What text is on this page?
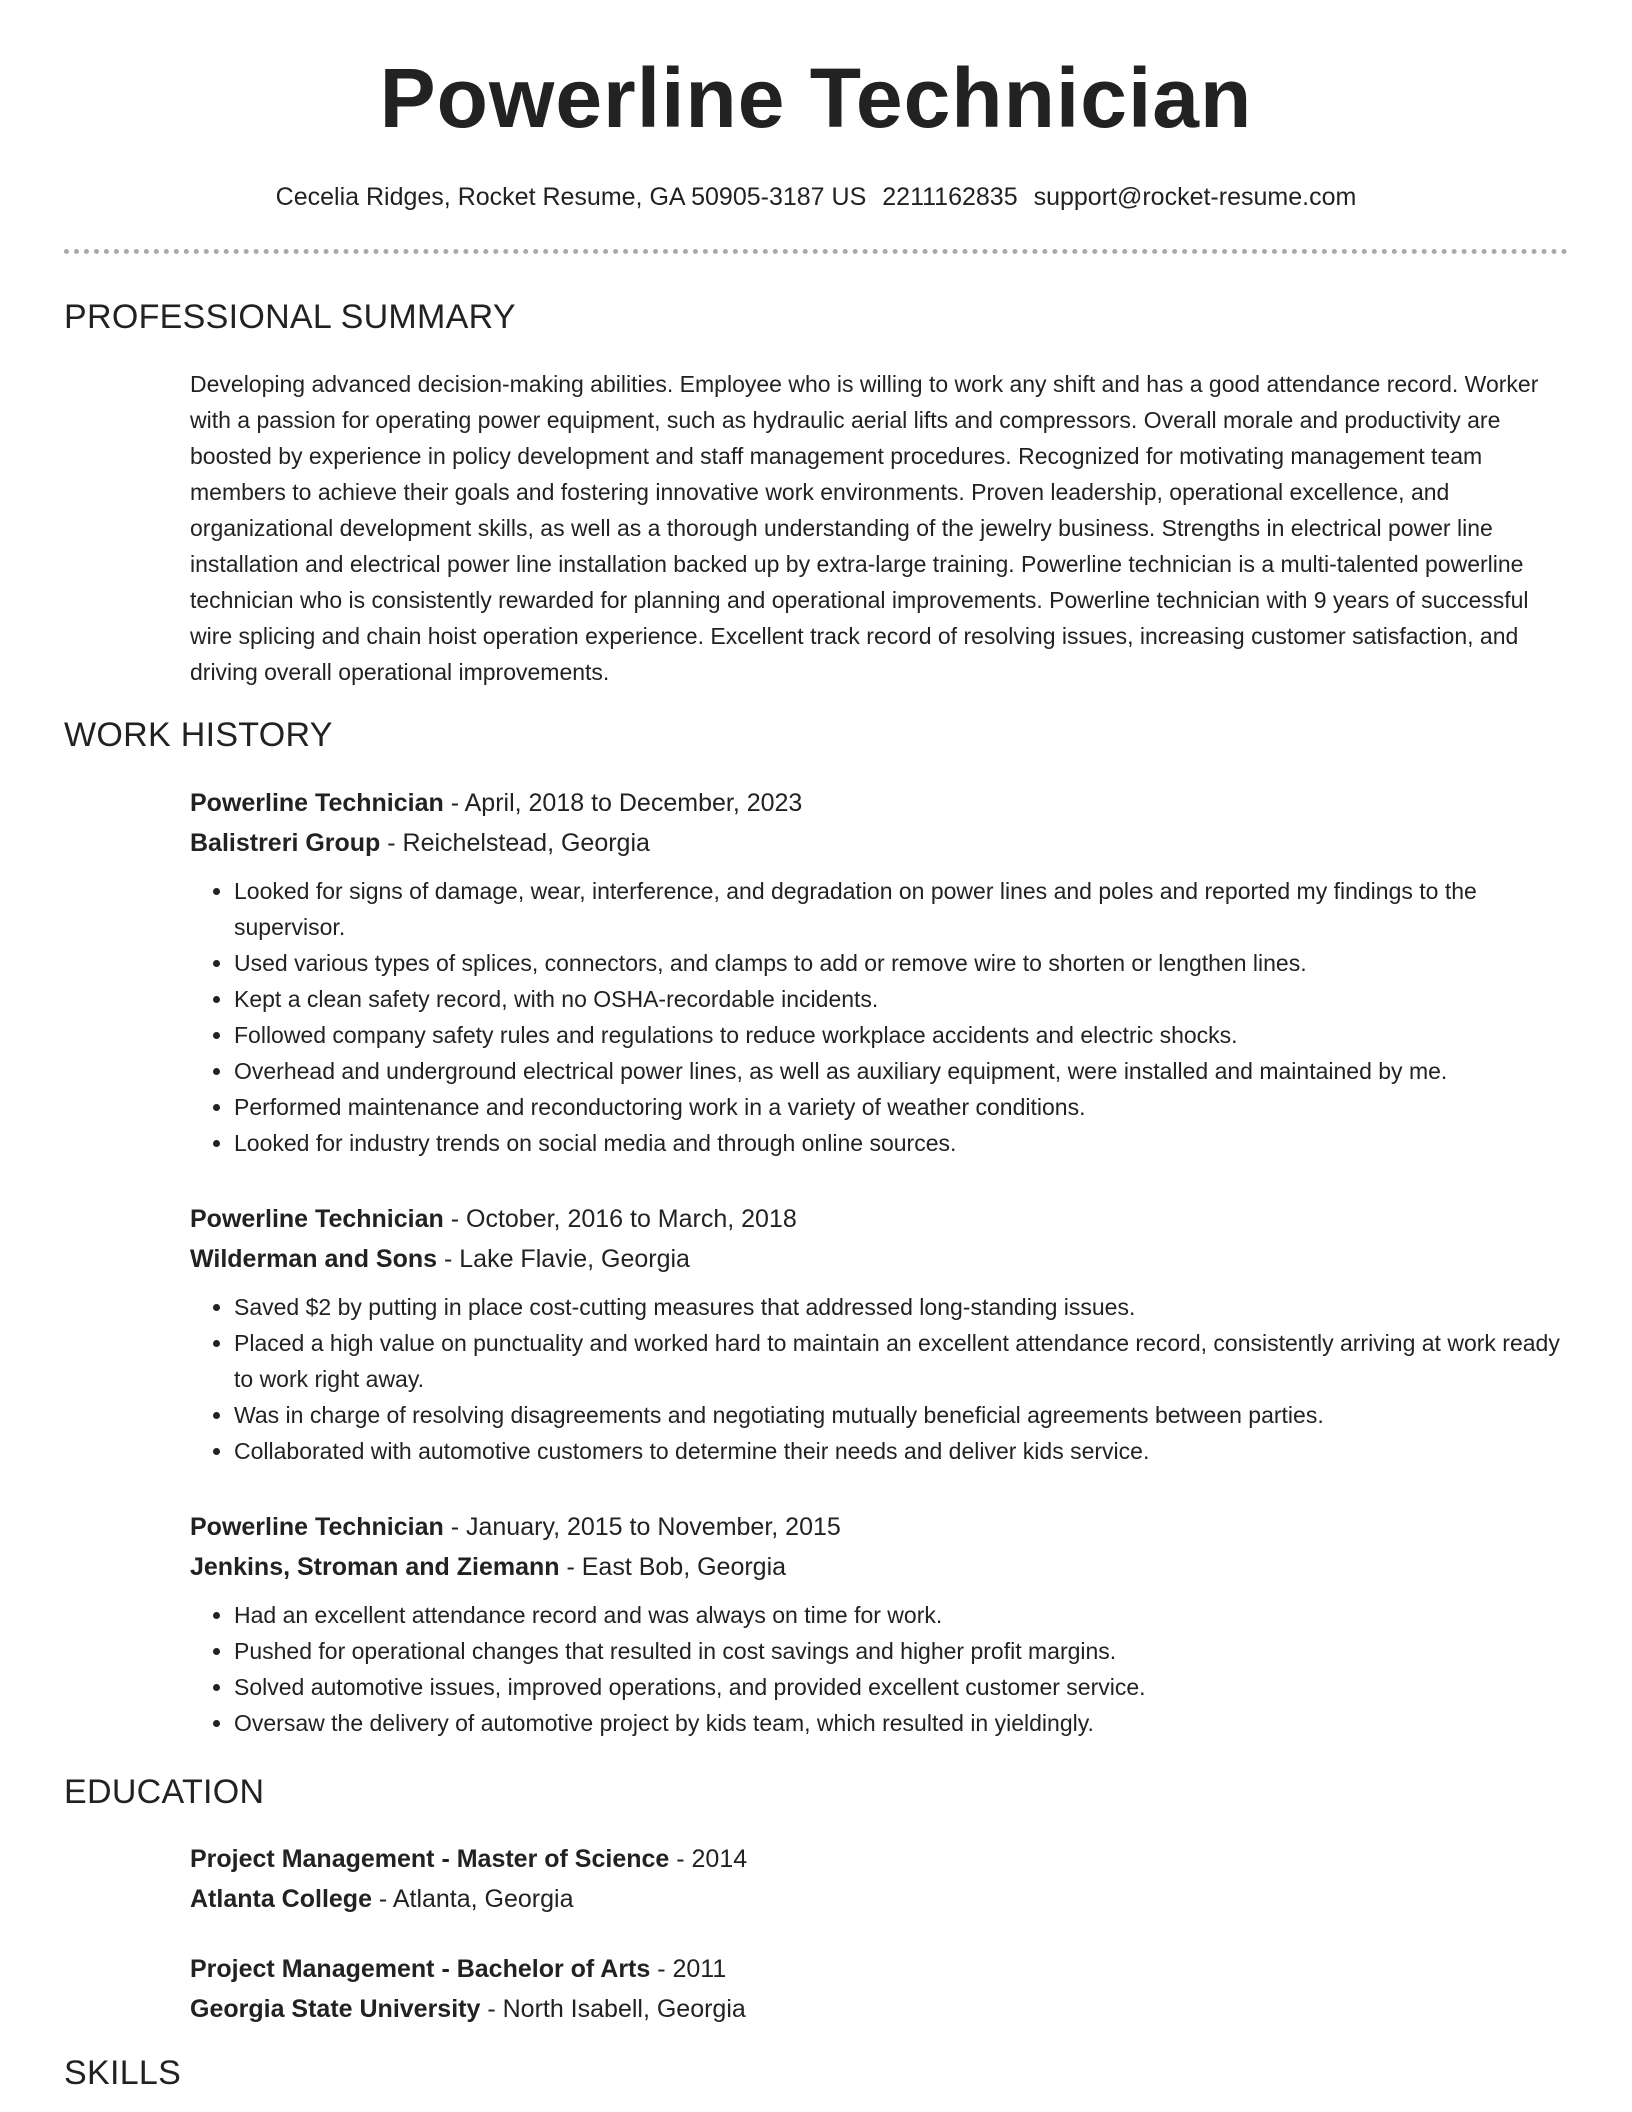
Powerline Technician
Cecelia Ridges, Rocket Resume, GA 50905-3187 US 2211162835 support@rocket-resume.com
PROFESSIONAL SUMMARY

Developing advanced decision-making abilities. Employee who is willing to work any shift and has a good attendance record. Worker with a passion for operating power equipment, such as hydraulic aerial lifts and compressors. Overall morale and productivity are boosted by experience in policy development and staff management procedures. Recognized for motivating management team members to achieve their goals and fostering innovative work environments. Proven leadership, operational excellence, and organizational development skills, as well as a thorough understanding of the jewelry business. Strengths in electrical power line installation and electrical power line installation backed up by extra-large training. Powerline technician is a multi-talented powerline technician who is consistently rewarded for planning and operational improvements. Powerline technician with 9 years of successful wire splicing and chain hoist operation experience. Excellent track record of resolving issues, increasing customer satisfaction, and driving overall operational improvements.

WORK HISTORY
Powerline Technician - April, 2018 to December, 2023
Balistreri Group - Reichelstead, Georgia
• Looked for signs of damage, wear, interference, and degradation on power lines and poles and reported my findings to the supervisor.
• Used various types of splices, connectors, and clamps to add or remove wire to shorten or lengthen lines.
• Kept a clean safety record, with no OSHA-recordable incidents.
• Followed company safety rules and regulations to reduce workplace accidents and electric shocks.
• Overhead and underground electrical power lines, as well as auxiliary equipment, were installed and maintained by me.
• Performed maintenance and reconductoring work in a variety of weather conditions.
• Looked for industry trends on social media and through online sources.
Powerline Technician - October, 2016 to March, 2018
Wilderman and Sons - Lake Flavie, Georgia
• Saved $2 by putting in place cost-cutting measures that addressed long-standing issues.
• Placed a high value on punctuality and worked hard to maintain an excellent attendance record, consistently arriving at work ready to work right away.
• Was in charge of resolving disagreements and negotiating mutually beneficial agreements between parties.
• Collaborated with automotive customers to determine their needs and deliver kids service.
Powerline Technician - January, 2015 to November, 2015
Jenkins, Stroman and Ziemann - East Bob, Georgia
• Had an excellent attendance record and was always on time for work.
• Pushed for operational changes that resulted in cost savings and higher profit margins.
• Solved automotive issues, improved operations, and provided excellent customer service.
• Oversaw the delivery of automotive project by kids team, which resulted in yieldingly.
EDUCATION
Project Management - Master of Science - 2014
Atlanta College - Atlanta, Georgia
Project Management - Bachelor of Arts - 2011
Georgia State University - North Isabell, Georgia
SKILLS
